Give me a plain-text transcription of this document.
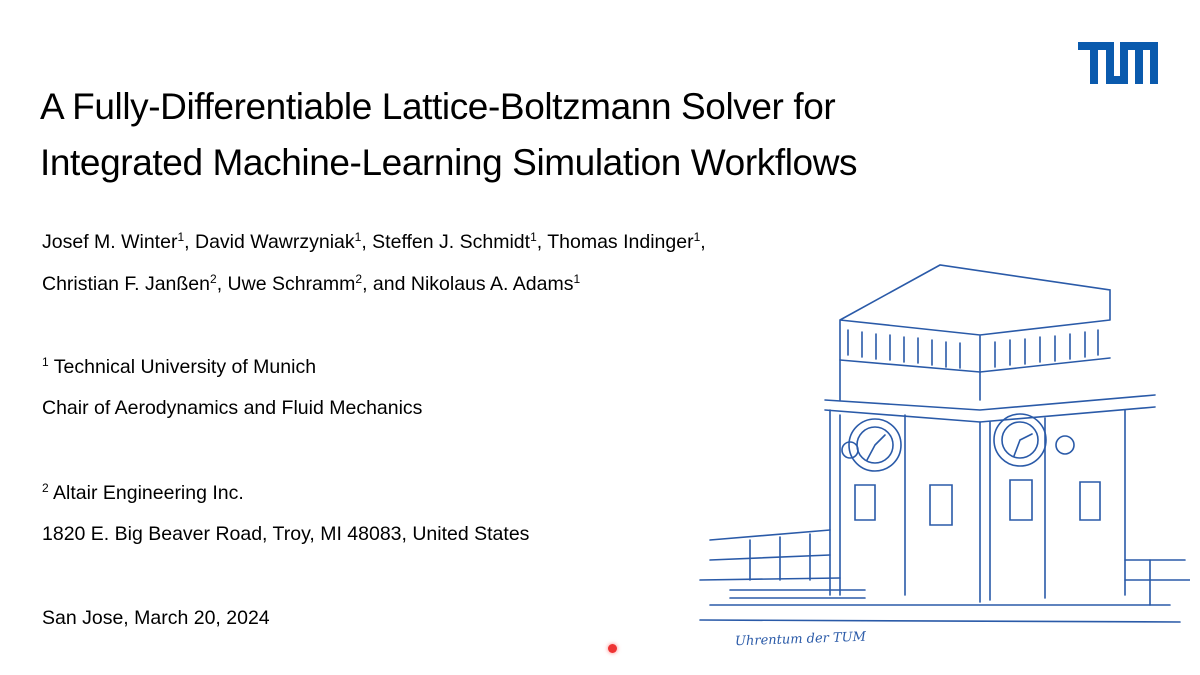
A Fully-Differentiable Lattice-Boltzmann Solver for
Integrated Machine-Learning Simulation Workflows
Josef M. Winter$^1$, David Wawrzyniak$^1$, Steffen J. Schmidt$^1$, Thomas Indinger$^1$,
Christian F. Janßen$^2$, Uwe Schramm$^2$, and Nikolaus A. Adams$^1$
$^1$ Technical University of Munich
Chair of Aerodynamics and Fluid Mechanics
$^2$ Altair Engineering Inc.
1820 E. Big Beaver Road, Troy, MI 48083, United States
San Jose, March 20, 2024
Uhrentum der TUM
